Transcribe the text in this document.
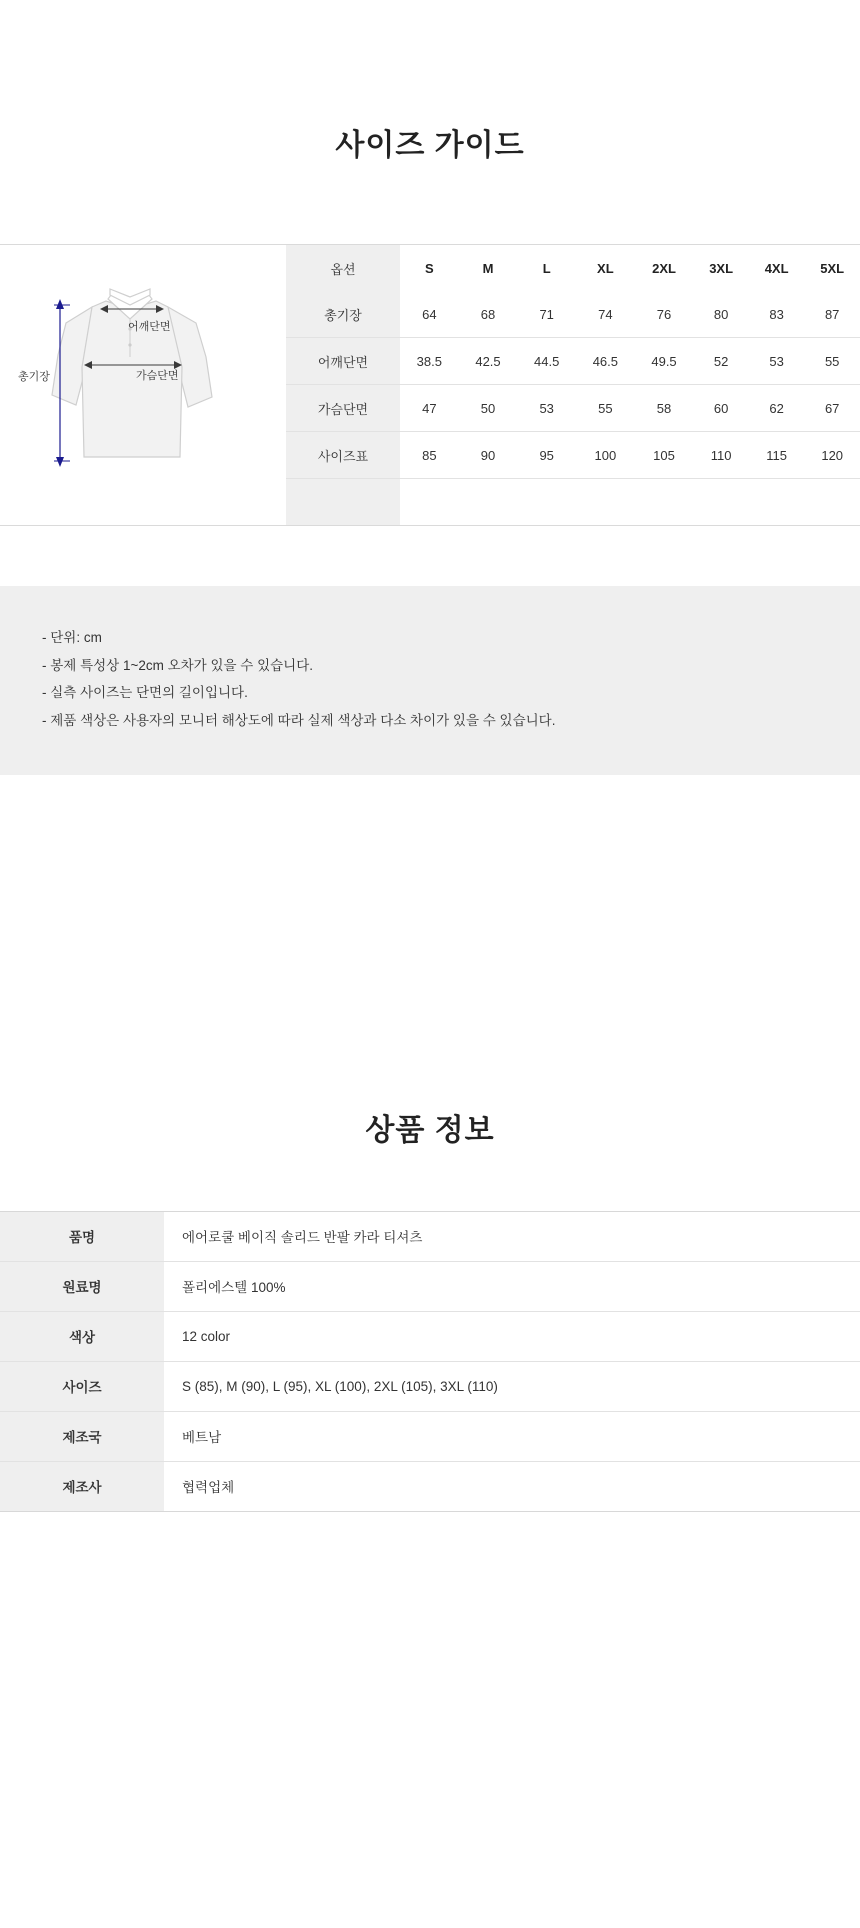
사이즈 가이드
총기장
어깨단면
가슴단면
옵션	S	M	L	XL	2XL	3XL	4XL	5XL
총기장	64	68	71	74	76	80	83	87
어깨단면	38.5	42.5	44.5	46.5	49.5	52	53	55
가슴단면	47	50	53	55	58	60	62	67
사이즈표	85	90	95	100	105	110	115	120

- 단위: cm
- 봉제 특성상 1~2cm 오차가 있을 수 있습니다.
- 실측 사이즈는 단면의 길이입니다.
- 제품 색상은 사용자의 모니터 해상도에 따라 실제 색상과 다소 차이가 있을 수 있습니다.
상품 정보
품명	에어로쿨 베이직 솔리드 반팔 카라 티셔츠
원료명	폴리에스텔 100%
색상	12 color
사이즈	S (85), M (90), L (95), XL (100), 2XL (105), 3XL (110)
제조국	베트남
제조사	협력업체
